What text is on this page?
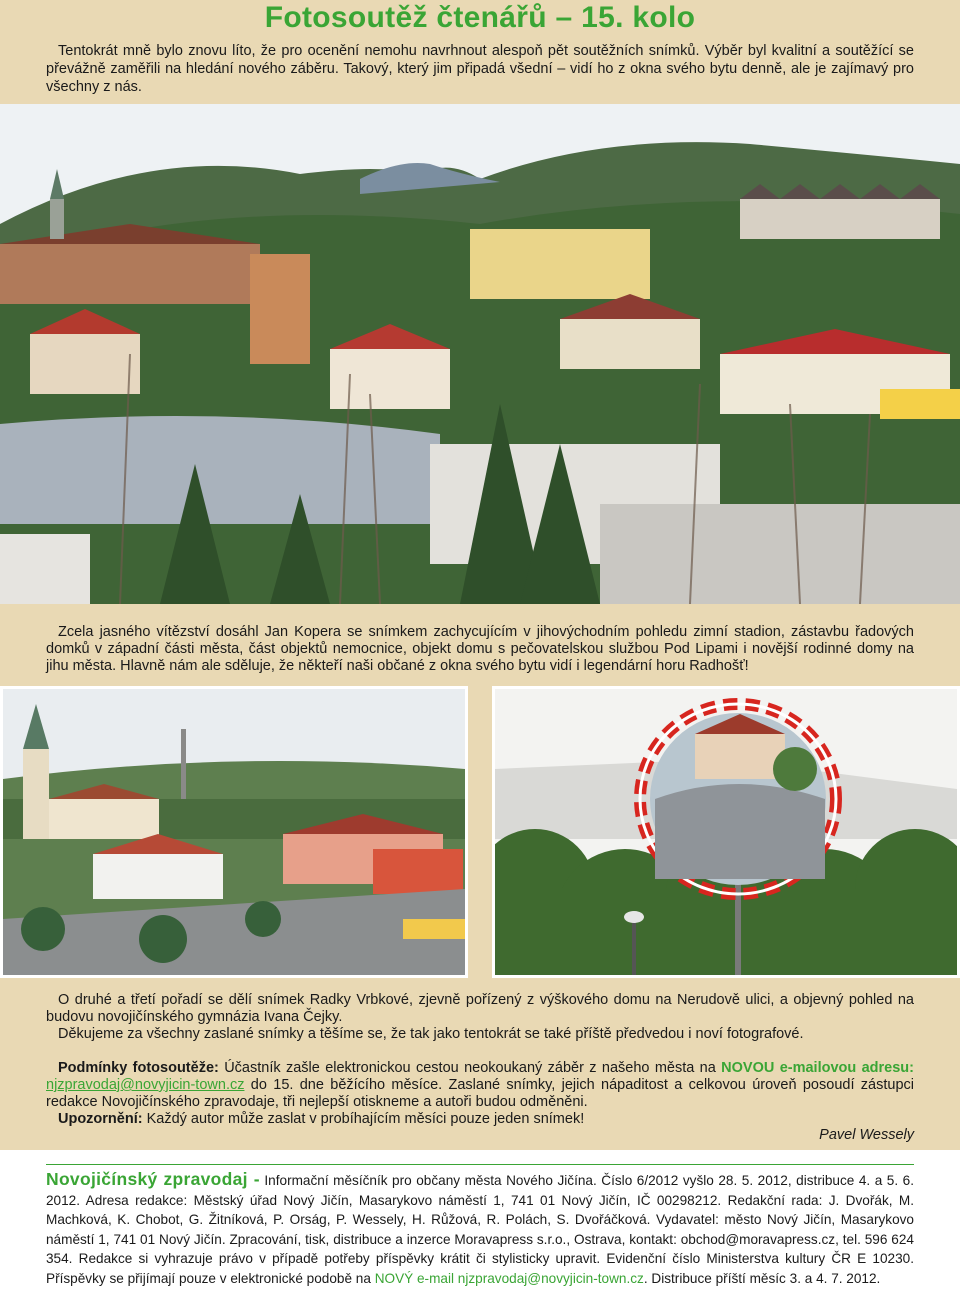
Fotosoutěž čtenářů – 15. kolo

Tentokrát mně bylo znovu líto, že pro ocenění nemohu navrhnout alespoň pět soutěžních snímků. Výběr byl kvalitní a soutěžící se převážně zaměřili na hledání nového záběru. Takový, který jim připadá všední – vidí ho z okna svého bytu denně, ale je zajímavý pro všechny z nás.

Zcela jasného vítězství dosáhl Jan Kopera se snímkem zachycujícím v jihovýchodním pohledu zimní stadion, zástavbu řadových domků v západní části města, část objektů nemocnice, objekt domu s pečovatelskou službou Pod Lipami i novější rodinné domy na jihu města. Hlavně nám ale sděluje, že někteří naši občané z okna svého bytu vidí i legendární horu Radhošť!

O druhé a třetí pořadí se dělí snímek Radky Vrbkové, zjevně pořízený z výškového domu na Nerudově ulici, a objevný pohled na budovu novojičínského gymnázia Ivana Čejky.

Děkujeme za všechny zaslané snímky a těšíme se, že tak jako tentokrát se také příště předvedou i noví fotografové.

Podmínky fotosoutěže: Účastník zašle elektronickou cestou neokoukaný záběr z našeho města na NOVOU e-mailovou adresu: njzpravodaj@novyjicin-town.cz do 15. dne běžícího měsíce. Zaslané snímky, jejich nápaditost a celkovou úroveň posoudí zástupci redakce Novojičínského zpravodaje, tři nejlepší otiskneme a autoři budou odměněni.

Upozornění: Každý autor může zaslat v probíhajícím měsíci pouze jeden snímek!

Pavel Wessely

Novojičínský zpravodaj - Informační měsíčník pro občany města Nového Jičína. Číslo 6/2012 vyšlo 28. 5. 2012, distribuce 4. a 5. 6. 2012. Adresa redakce: Městský úřad Nový Jičín, Masarykovo náměstí 1, 741 01 Nový Jičín, IČ 00298212. Redakční rada: J. Dvořák, M. Machková, K. Chobot, G. Žitníková, P. Orság, P. Wessely, H. Růžová, R. Polách, S. Dvořáčková. Vydavatel: město Nový Jičín, Masarykovo náměstí 1, 741 01 Nový Jičín. Zpracování, tisk, distribuce a inzerce Moravapress s.r.o., Ostrava, kontakt: obchod@moravapress.cz, tel. 596 624 354. Redakce si vyhrazuje právo v případě potřeby příspěvky krátit či stylisticky upravit. Evidenční číslo Ministerstva kultury ČR E 10230. Příspěvky se přijímají pouze v elektronické podobě na NOVÝ e-mail njzpravodaj@novyjicin-town.cz. Distribuce příští měsíc 3. a 4. 7. 2012.
